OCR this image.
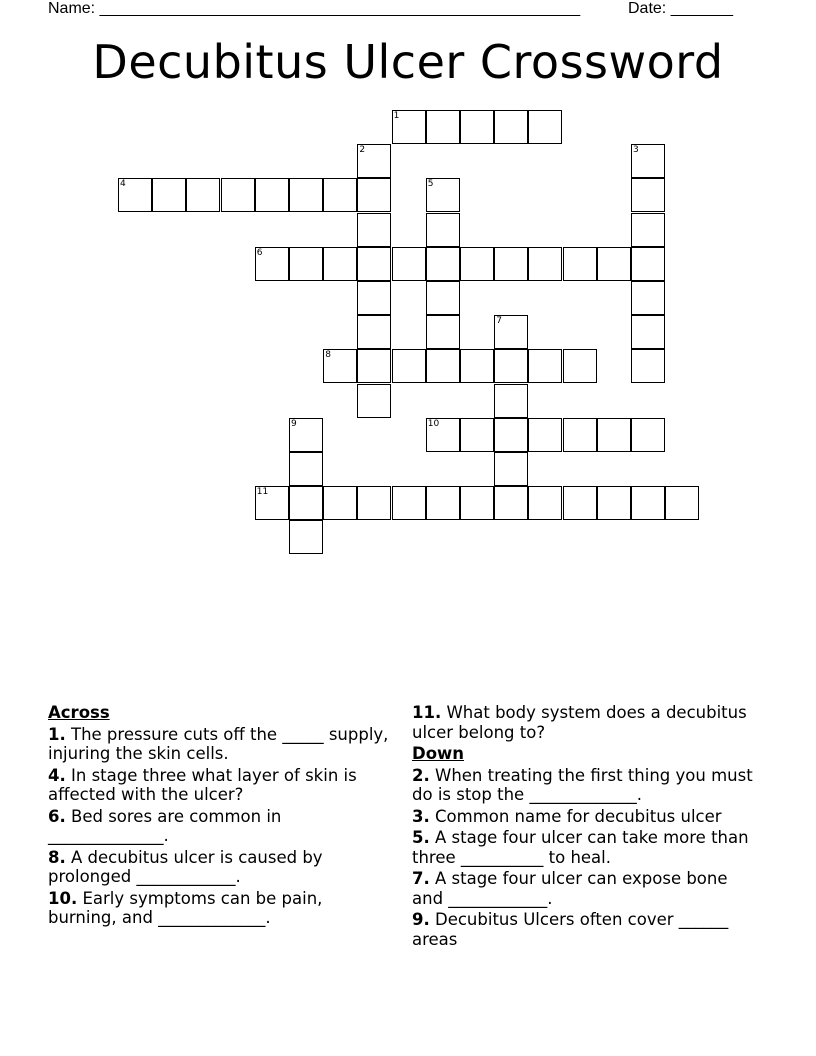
Name: ______________________________________________________	Date: _______
Decubitus Ulcer Crossword
1
2	3
4	5
6
7
8
9	10
11
Across
1. The pressure cuts off the _____ supply, injuring the skin cells.
4. In stage three what layer of skin is affected with the ulcer?
6. Bed sores are common in ______________.
8. A decubitus ulcer is caused by prolonged ____________.
10. Early symptoms can be pain, burning, and _____________.
11. What body system does a decubitus ulcer belong to?
Down
2. When treating the first thing you must do is stop the _____________.
3. Common name for decubitus ulcer
5. A stage four ulcer can take more than three __________ to heal.
7. A stage four ulcer can expose bone and ____________.
9. Decubitus Ulcers often cover ______ areas
